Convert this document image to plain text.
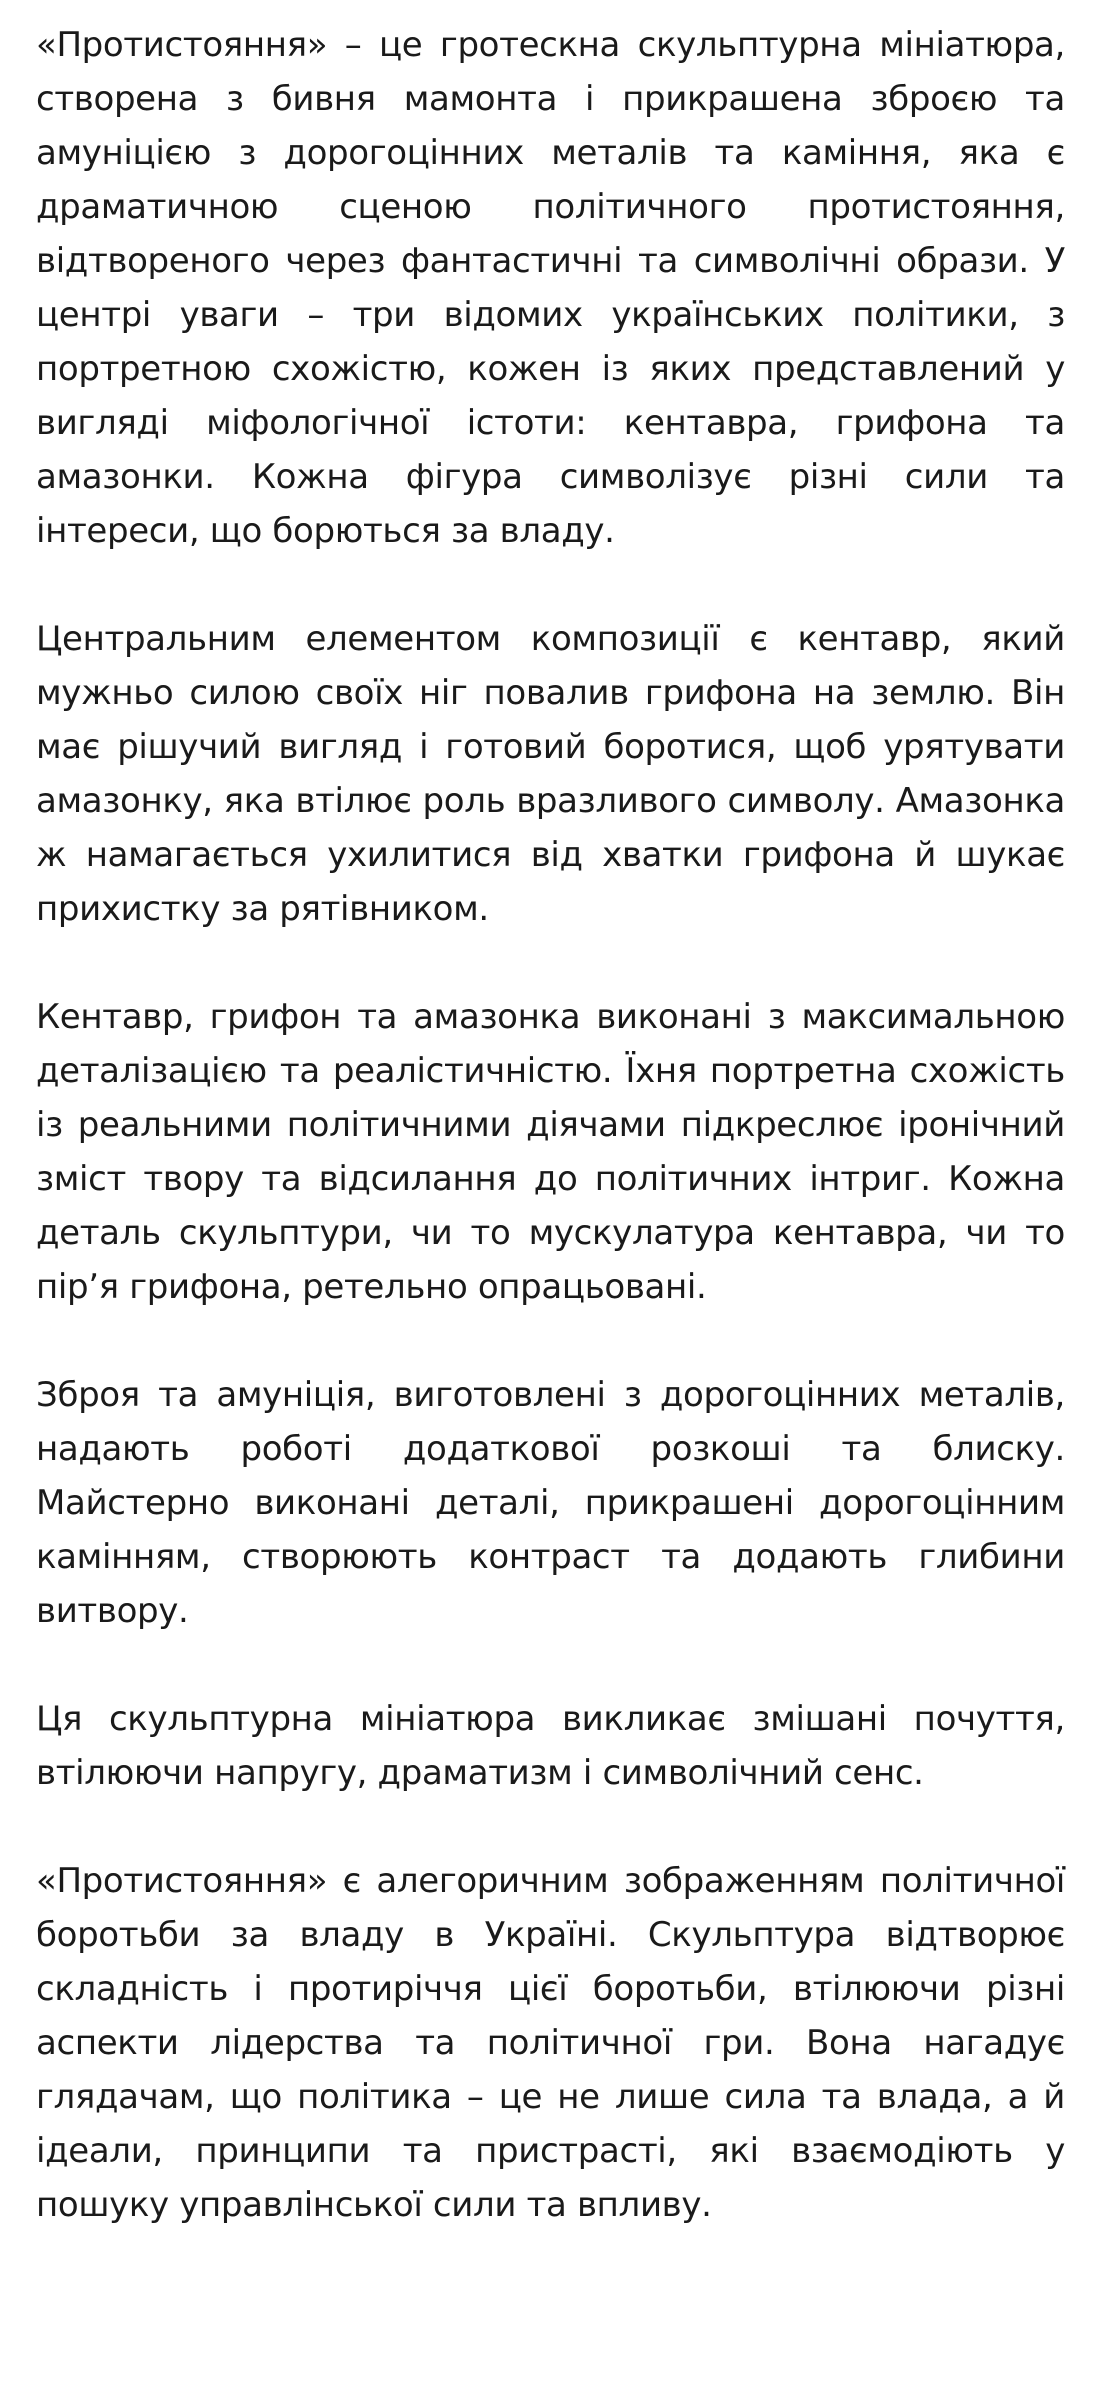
«Протистояння» – це гротескна скульптурна мініатюра, створена з бивня мамонта і прикрашена зброєю та амуніцією з дорогоцінних металів та каміння, яка є драматичною сценою політичного протистояння, відтвореного через фантастичні та символічні образи. У центрі уваги – три відомих українських політики, з портретною схожістю, кожен із яких представлений у вигляді міфологічної істоти: кентавра, грифона та амазонки. Кожна фігура символізує різні сили та інтереси, що борються за владу.

Центральним елементом композиції є кентавр, який мужньо силою своїх ніг повалив грифона на землю. Він має рішучий вигляд і готовий боротися, щоб урятувати амазонку, яка втілює роль вразливого символу. Амазонка ж намагається ухилитися від хватки грифона й шукає прихистку за рятівником.

Кентавр, грифон та амазонка виконані з максимальною деталізацією та реалістичністю. Їхня портретна схожість із реальними політичними діячами підкреслює іронічний зміст твору та відсилання до політичних інтриг. Кожна деталь скульптури, чи то мускулатура кентавра, чи то пір’я грифона, ретельно опрацьовані.

Зброя та амуніція, виготовлені з дорогоцінних металів, надають роботі додаткової розкоші та блиску. Майстерно виконані деталі, прикрашені дорогоцінним камінням, створюють контраст та додають глибини витвору.

Ця скульптурна мініатюра викликає змішані почуття, втілюючи напругу, драматизм і символічний сенс.

«Протистояння» є алегоричним зображенням політичної боротьби за владу в Україні. Скульптура відтворює складність і протиріччя цієї боротьби, втілюючи різні аспекти лідерства та політичної гри. Вона нагадує глядачам, що політика – це не лише сила та влада, а й ідеали, принципи та пристрасті, які взаємодіють у пошуку управлінської сили та впливу.
